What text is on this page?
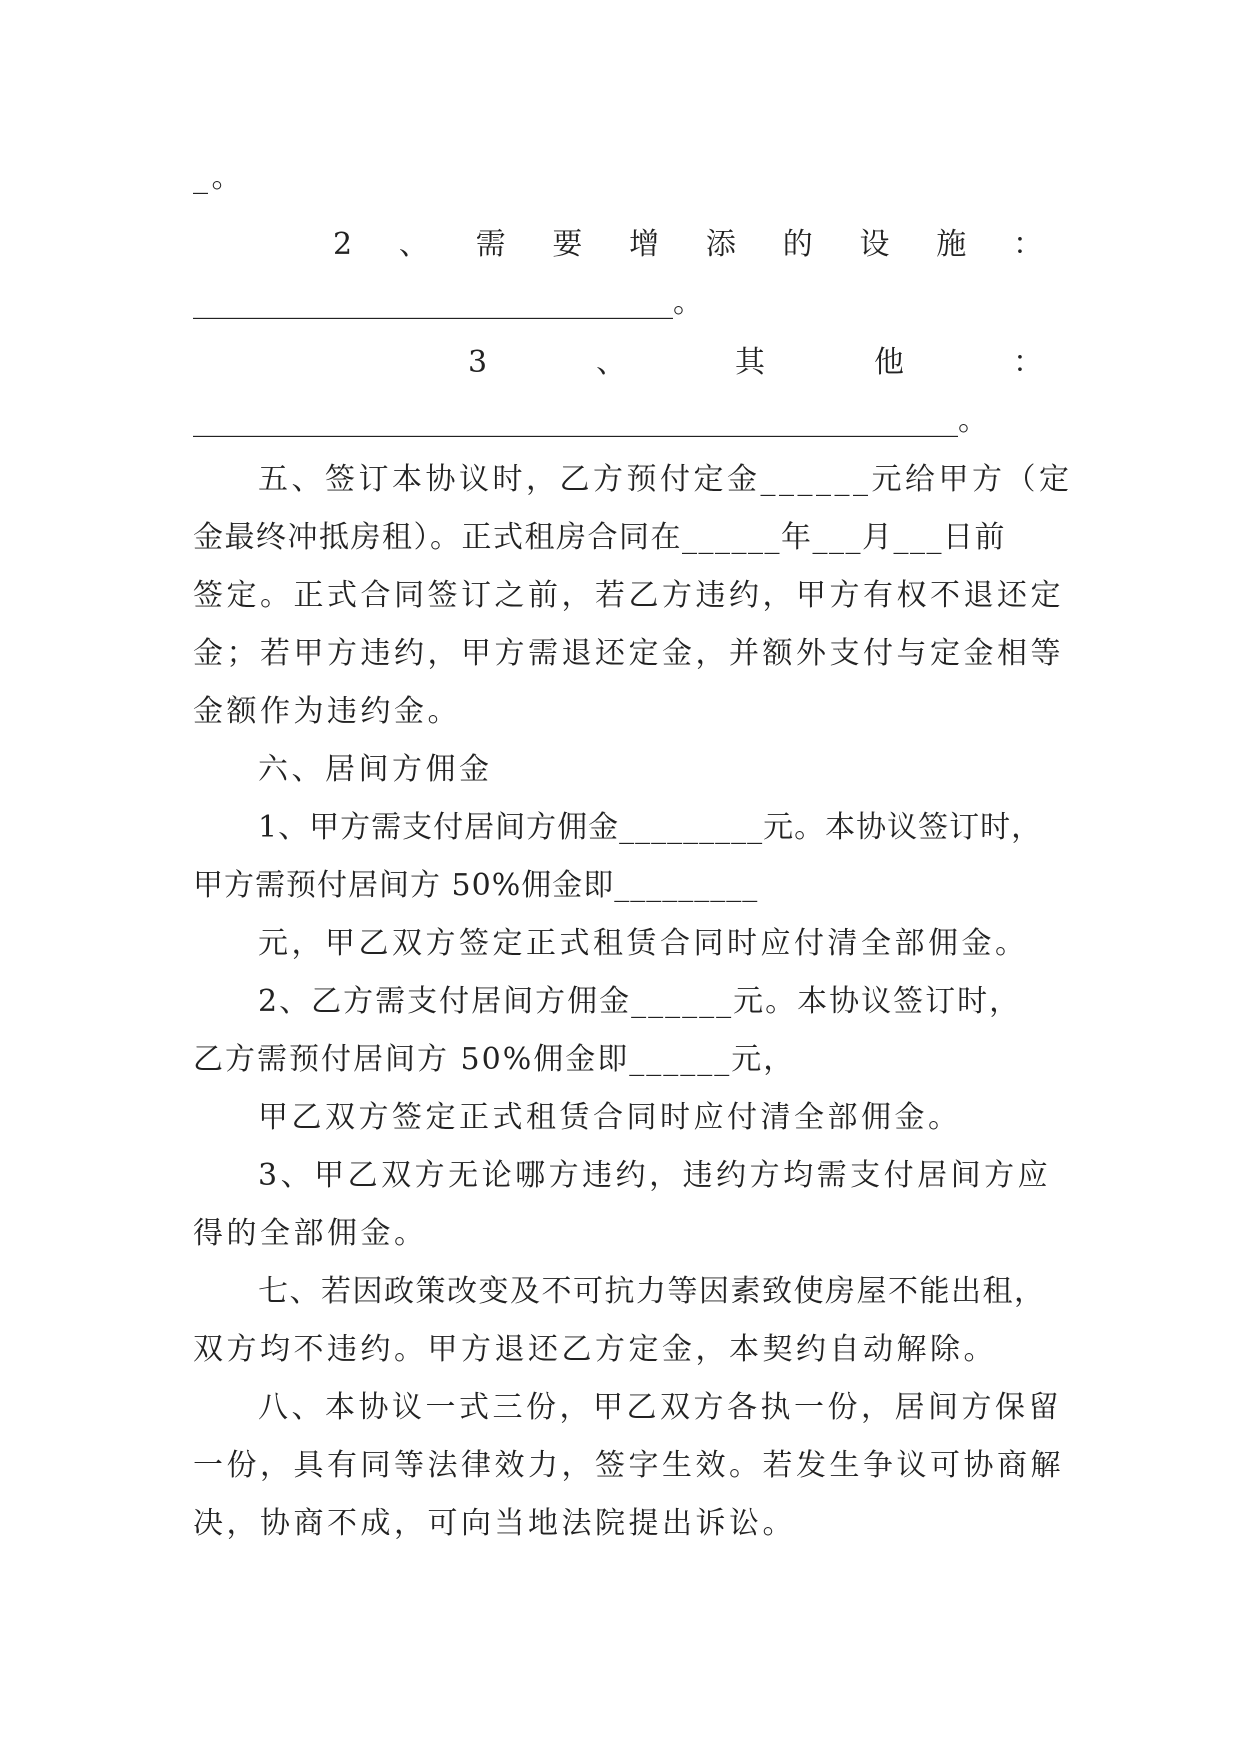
_。
2 、 需 要 增 添 的 设 施 ：
________________________________。
3	、	其	他	：
___________________________________________________。
五、签订本协议时，乙方预付定金______元给甲方（定
金最终冲抵房租）。正式租房合同在______年___月___日前
签定。正式合同签订之前，若乙方违约，甲方有权不退还定
金；若甲方违约，甲方需退还定金，并额外支付与定金相等
金额作为违约金。
六、居间方佣金
1、甲方需支付居间方佣金_________元。本协议签订时，
甲方需预付居间方 50%佣金即_________
元，甲乙双方签定正式租赁合同时应付清全部佣金。
2、乙方需支付居间方佣金______元。本协议签订时，
乙方需预付居间方 50%佣金即______元，
甲乙双方签定正式租赁合同时应付清全部佣金。
3、甲乙双方无论哪方违约，违约方均需支付居间方应
得的全部佣金。
七、若因政策改变及不可抗力等因素致使房屋不能出租，
双方均不违约。甲方退还乙方定金，本契约自动解除。
八、本协议一式三份，甲乙双方各执一份，居间方保留
一份，具有同等法律效力，签字生效。若发生争议可协商解
决，协商不成，可向当地法院提出诉讼。
